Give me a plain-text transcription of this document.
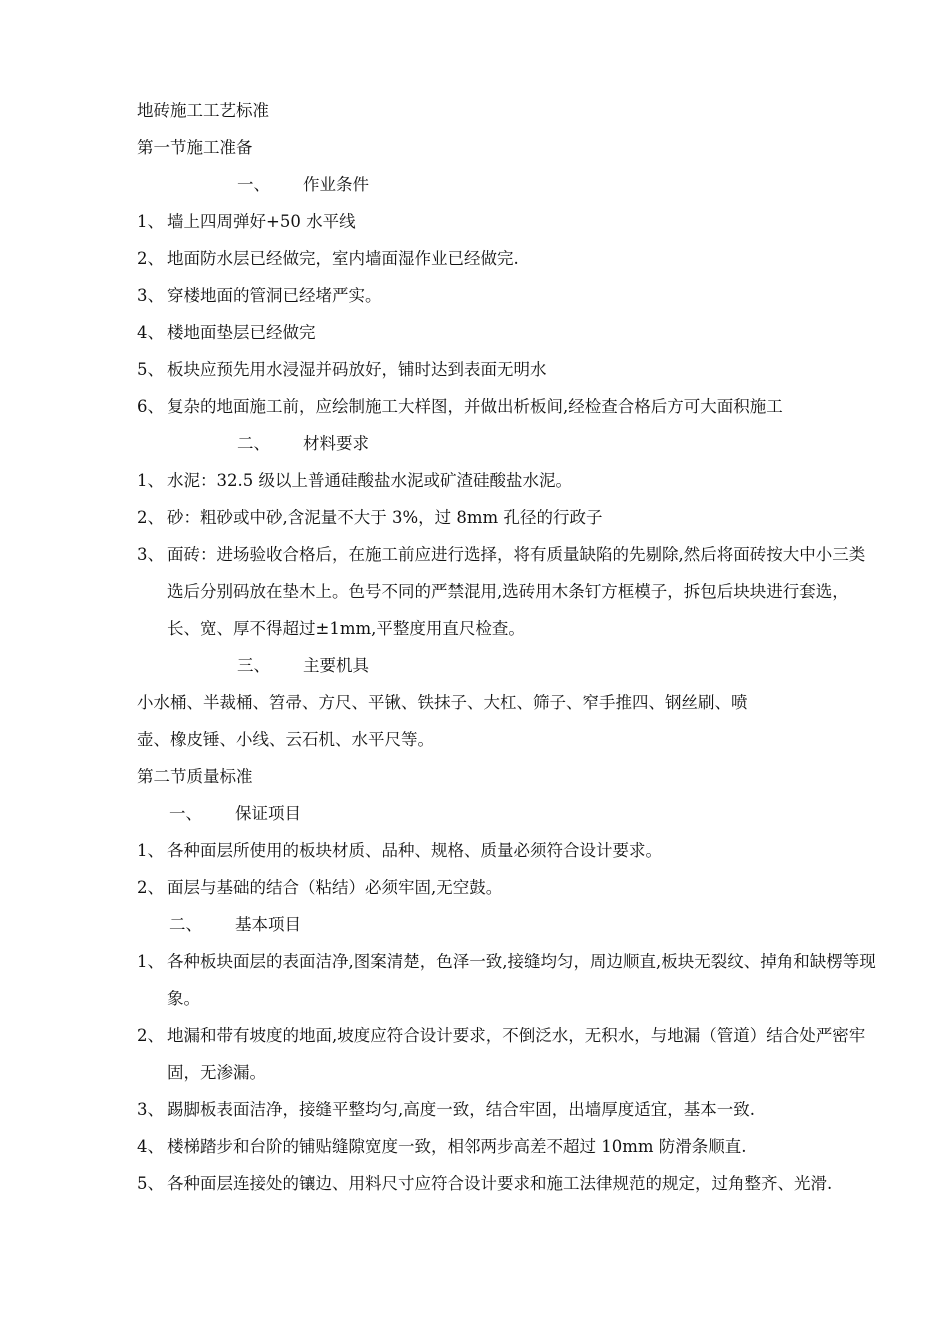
地砖施工工艺标准
第一节施工准备
一、 作业条件
1、 墙上四周弹好+50 水平线
2、 地面防水层已经做完，室内墙面湿作业已经做完.
3、 穿楼地面的管洞已经堵严实。
4、 楼地面垫层已经做完
5、 板块应预先用水浸湿并码放好，铺时达到表面无明水
6、 复杂的地面施工前，应绘制施工大样图，并做出析板间,经检查合格后方可大面积施工
二、 材料要求
1、 水泥：32.5 级以上普通硅酸盐水泥或矿渣硅酸盐水泥。
2、 砂：粗砂或中砂,含泥量不大于 3%，过 8mm 孔径的行政子
3、 面砖：进场验收合格后，在施工前应进行选择，将有质量缺陷的先剔除,然后将面砖按大中小三类选后分别码放在垫木上。色号不同的严禁混用,选砖用木条钉方框模子，拆包后块块进行套选，长、宽、厚不得超过±1mm,平整度用直尺检查。
三、 主要机具
小水桶、半裁桶、笤帚、方尺、平锹、铁抹子、大杠、筛子、窄手推四、钢丝刷、喷
壶、橡皮锤、小线、云石机、水平尺等。
第二节质量标准
一、 保证项目
1、 各种面层所使用的板块材质、品种、规格、质量必须符合设计要求。
2、 面层与基础的结合（粘结）必须牢固,无空鼓。
二、 基本项目
1、 各种板块面层的表面洁净,图案清楚，色泽一致,接缝均匀，周边顺直,板块无裂纹、掉角和缺楞等现象。
2、 地漏和带有坡度的地面,坡度应符合设计要求，不倒泛水，无积水，与地漏（管道）结合处严密牢固，无渗漏。
3、 踢脚板表面洁净，接缝平整均匀,高度一致，结合牢固，出墙厚度适宜，基本一致.
4、 楼梯踏步和台阶的铺贴缝隙宽度一致，相邻两步高差不超过 10mm 防滑条顺直.
5、 各种面层连接处的镶边、用料尺寸应符合设计要求和施工法律规范的规定，过角整齐、光滑.
